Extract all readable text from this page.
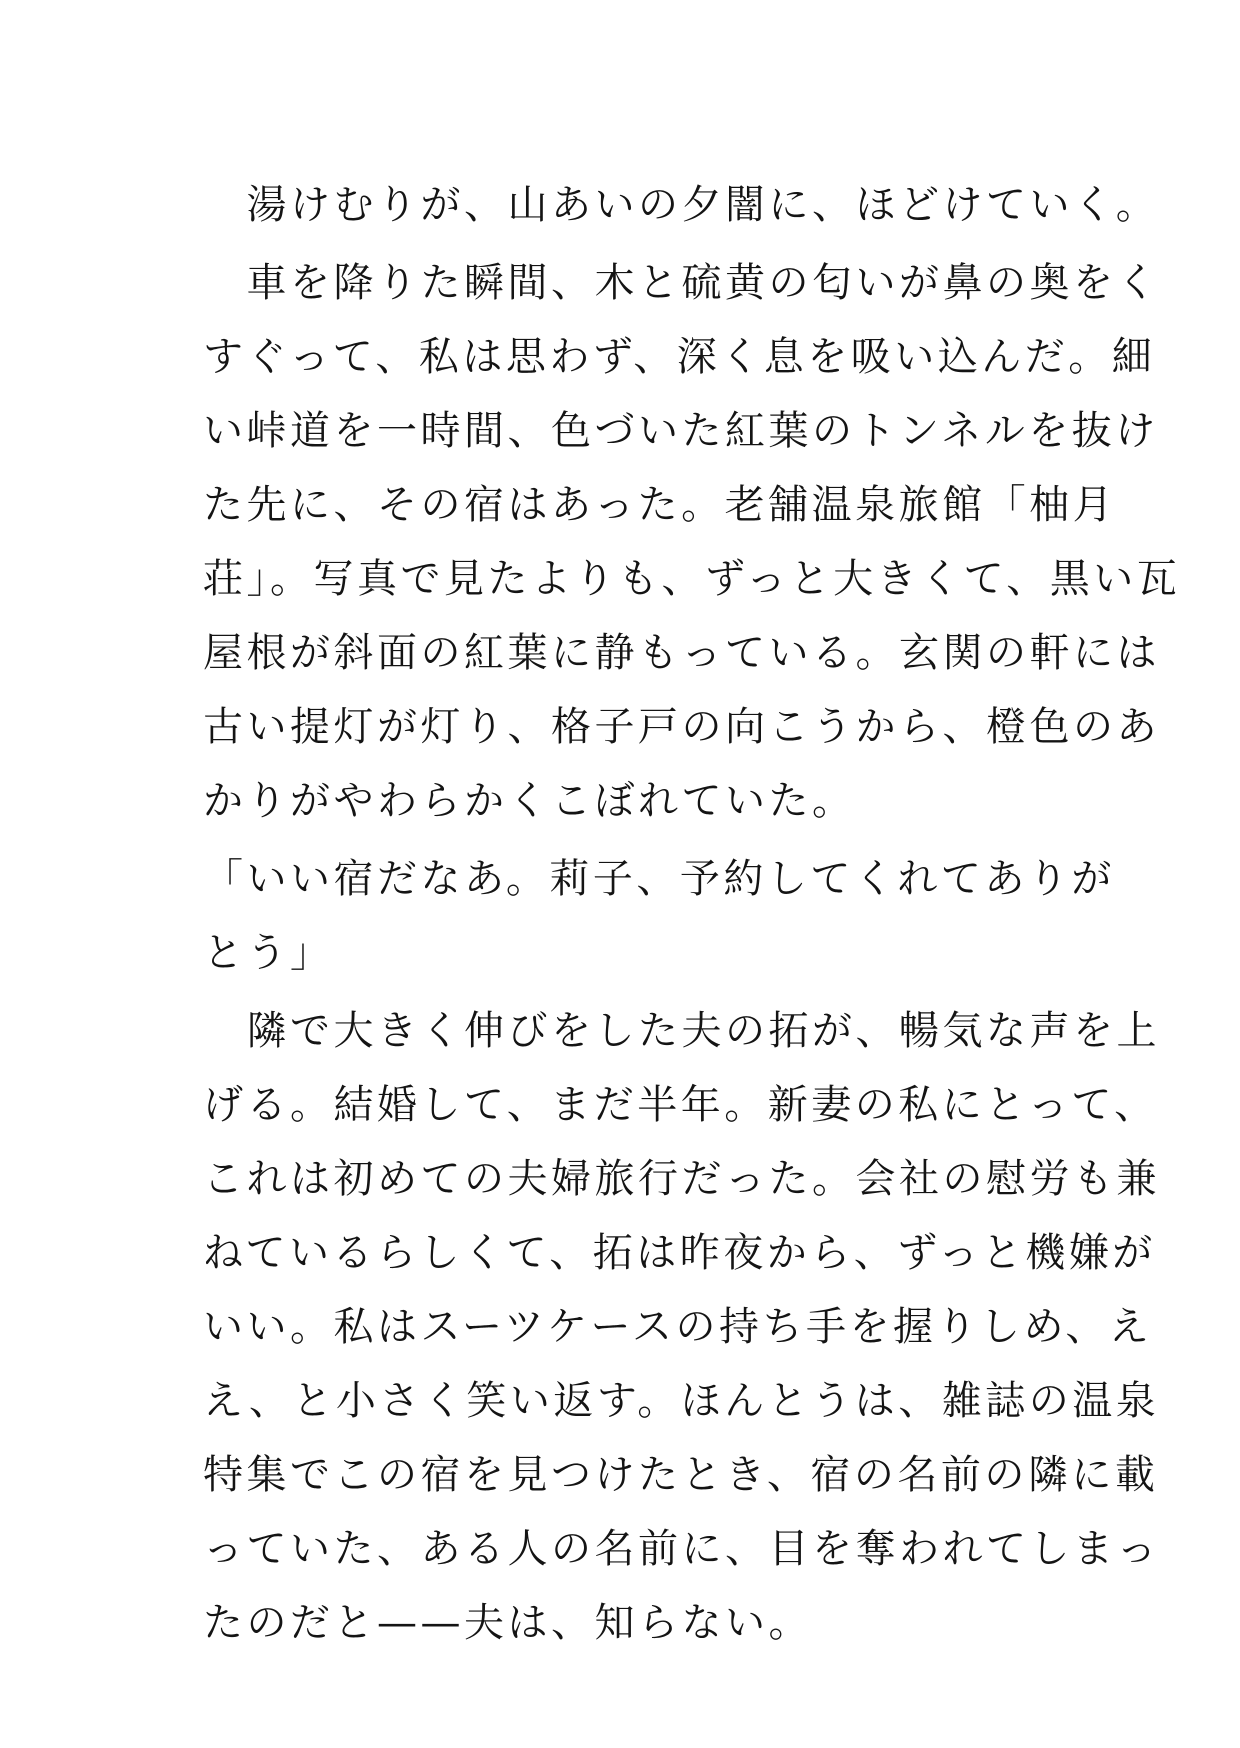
　湯けむりが、山あいの夕闇に、ほどけていく。
　車を降りた瞬間、木と硫黄の匂いが鼻の奥をく
すぐって、私は思わず、深く息を吸い込んだ。細
い峠道を一時間、色づいた紅葉のトンネルを抜け
た先に、その宿はあった。老舗温泉旅館「柚月
荘」。写真で見たよりも、ずっと大きくて、黒い瓦
屋根が斜面の紅葉に静もっている。玄関の軒には
古い提灯が灯り、格子戸の向こうから、橙色のあ
かりがやわらかくこぼれていた。
「いい宿だなあ。莉子、予約してくれてありが
とう」
　隣で大きく伸びをした夫の拓が、暢気な声を上
げる。結婚して、まだ半年。新妻の私にとって、
これは初めての夫婦旅行だった。会社の慰労も兼
ねているらしくて、拓は昨夜から、ずっと機嫌が
いい。私はスーツケースの持ち手を握りしめ、え
え、と小さく笑い返す。ほんとうは、雑誌の温泉
特集でこの宿を見つけたとき、宿の名前の隣に載
っていた、ある人の名前に、目を奪われてしまっ
たのだと——夫は、知らない。
